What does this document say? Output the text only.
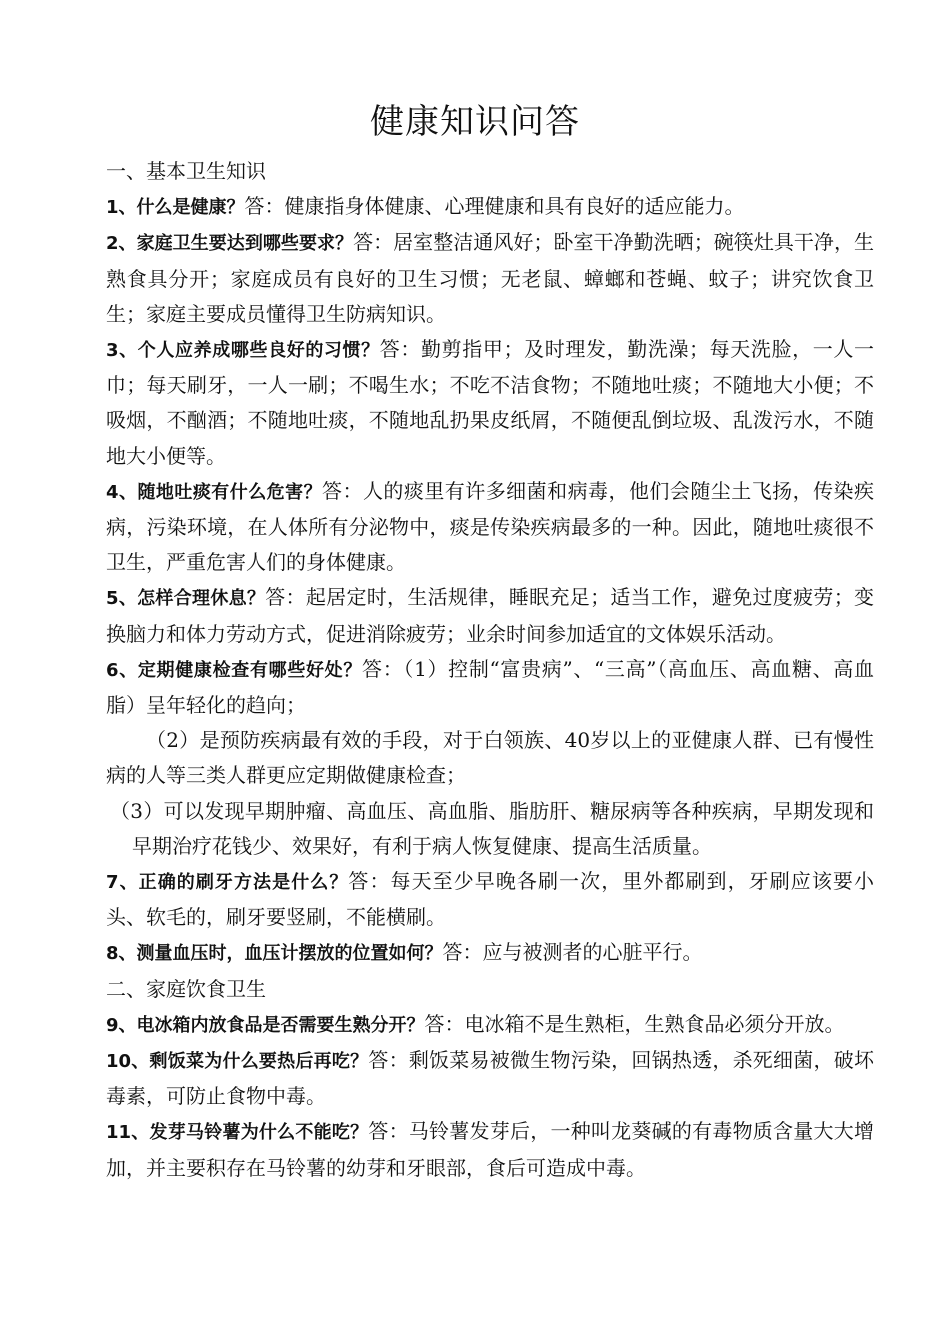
健康知识问答

一、基本卫生知识

1、什么是健康？答：健康指身体健康、心理健康和具有良好的适应能力。

2、家庭卫生要达到哪些要求？答：居室整洁通风好；卧室干净勤洗晒；碗筷灶具干净，生熟食具分开；家庭成员有良好的卫生习惯；无老鼠、蟑螂和苍蝇、蚊子；讲究饮食卫生；家庭主要成员懂得卫生防病知识。

3、个人应养成哪些良好的习惯？答：勤剪指甲；及时理发，勤洗澡；每天洗脸，一人一巾；每天刷牙，一人一刷；不喝生水；不吃不洁食物；不随地吐痰；不随地大小便；不吸烟，不酗酒；不随地吐痰，不随地乱扔果皮纸屑，不随便乱倒垃圾、乱泼污水，不随地大小便等。

4、随地吐痰有什么危害？答：人的痰里有许多细菌和病毒，他们会随尘土飞扬，传染疾病，污染环境，在人体所有分泌物中，痰是传染疾病最多的一种。因此，随地吐痰很不卫生，严重危害人们的身体健康。

5、怎样合理休息？答：起居定时，生活规律，睡眠充足；适当工作，避免过度疲劳；变换脑力和体力劳动方式，促进消除疲劳；业余时间参加适宜的文体娱乐活动。

6、定期健康检查有哪些好处？答：（1）控制“富贵病”、“三高”（高血压、高血糖、高血脂）呈年轻化的趋向；

（2）是预防疾病最有效的手段，对于白领族、40岁以上的亚健康人群、已有慢性病的人等三类人群更应定期做健康检查；

（3）可以发现早期肿瘤、高血压、高血脂、脂肪肝、糖尿病等各种疾病，早期发现和早期治疗花钱少、效果好，有利于病人恢复健康、提高生活质量。

7、正确的刷牙方法是什么？答：每天至少早晚各刷一次，里外都刷到，牙刷应该要小头、软毛的，刷牙要竖刷，不能横刷。

8、测量血压时，血压计摆放的位置如何？答：应与被测者的心脏平行。

二、家庭饮食卫生

9、电冰箱内放食品是否需要生熟分开？答：电冰箱不是生熟柜，生熟食品必须分开放。

10、剩饭菜为什么要热后再吃？答：剩饭菜易被微生物污染，回锅热透，杀死细菌，破坏毒素，可防止食物中毒。

11、发芽马铃薯为什么不能吃？答：马铃薯发芽后，一种叫龙葵碱的有毒物质含量大大增加，并主要积存在马铃薯的幼芽和牙眼部，食后可造成中毒。
